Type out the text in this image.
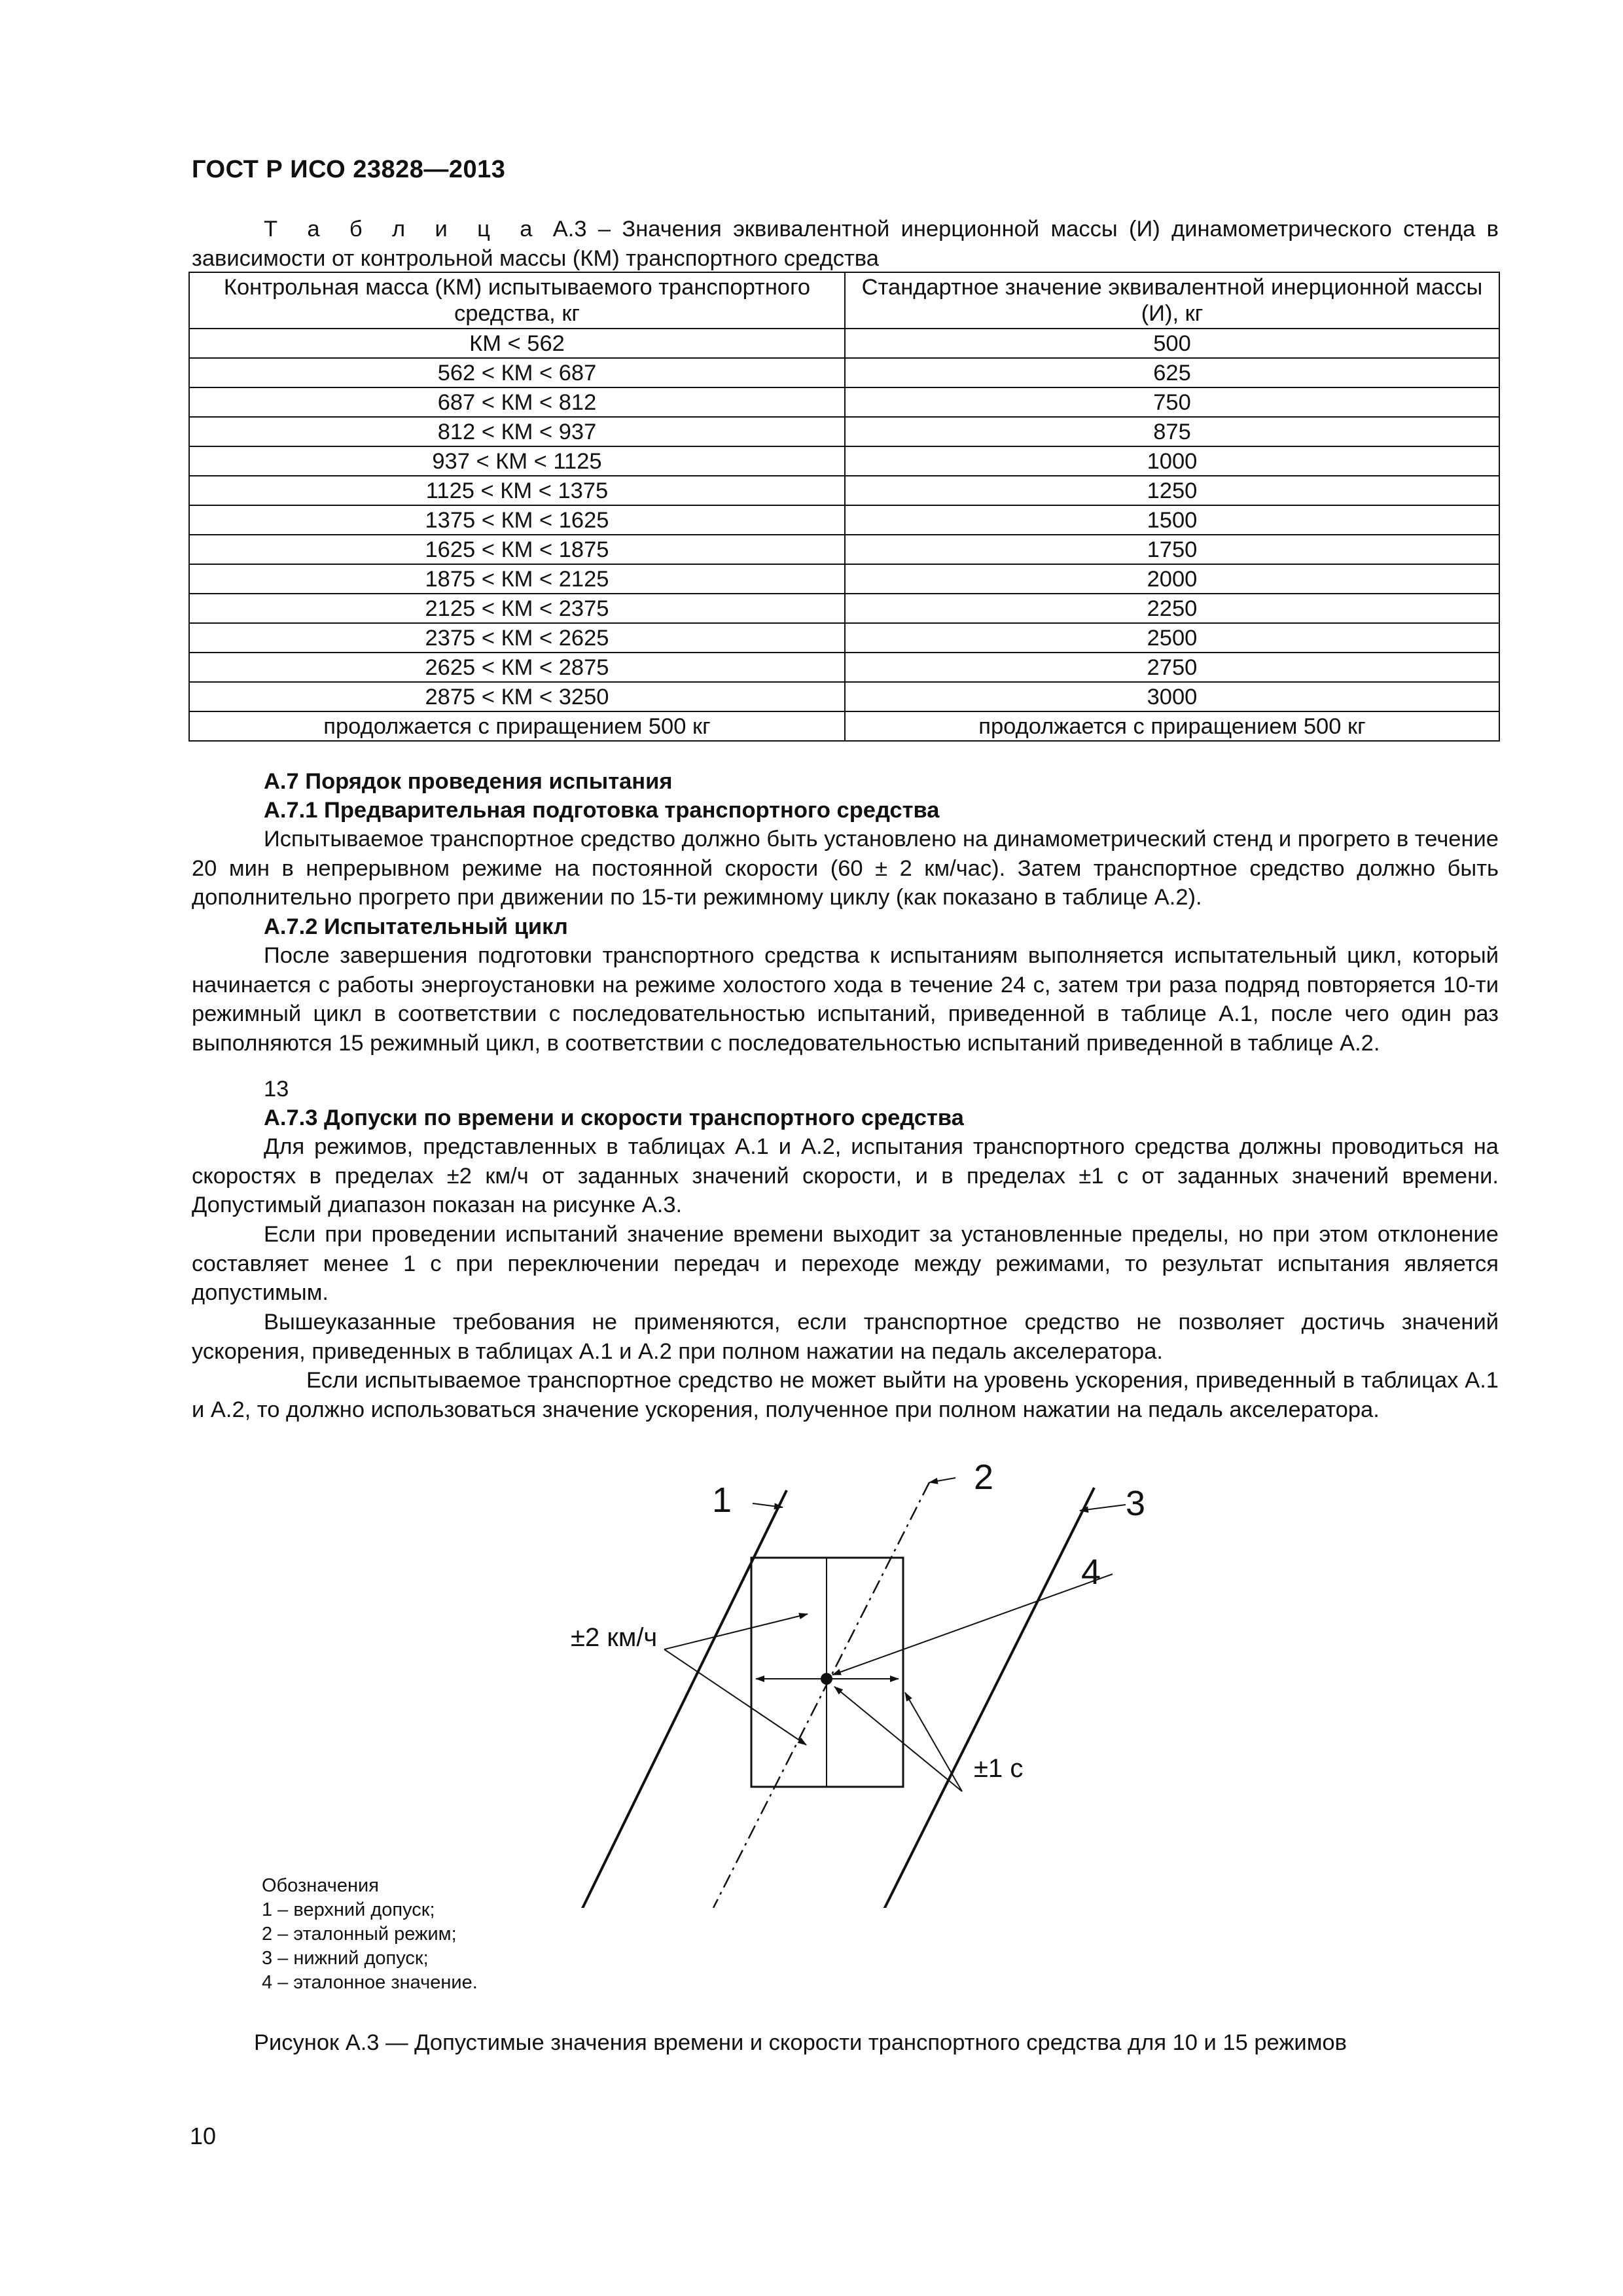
ГОСТ Р ИСО 23828—2013

Т а б л и ц а А.3 – Значения эквивалентной инерционной массы (И) динамометрического стенда в зависимости от контрольной массы (КМ) транспортного средства

Контрольная масса (КМ) испытываемого транспортного средства, кг	Стандартное значение эквивалентной инерционной массы (И), кг
КМ < 562	500
562 < КМ < 687	625
687 < КМ < 812	750
812 < КМ < 937	875
937 < КМ < 1125	1000
1125 < КМ < 1375	1250
1375 < КМ < 1625	1500
1625 < КМ < 1875	1750
1875 < КМ < 2125	2000
2125 < КМ < 2375	2250
2375 < КМ < 2625	2500
2625 < КМ < 2875	2750
2875 < КМ < 3250	3000
продолжается с приращением 500 кг	продолжается с приращением 500 кг

А.7 Порядок проведения испытания

А.7.1 Предварительная подготовка транспортного средства

Испытываемое транспортное средство должно быть установлено на динамометрический стенд и прогрето в течение 20 мин в непрерывном режиме на постоянной скорости (60 ± 2 км/час). Затем транспортное средство должно быть дополнительно прогрето при движении по 15-ти режимному циклу (как показано в таблице А.2).

А.7.2 Испытательный цикл

После завершения подготовки транспортного средства к испытаниям выполняется испытательный цикл, который начинается с работы энергоустановки на режиме холостого хода в течение 24 с, затем три раза подряд повторяется 10-ти режимный цикл в соответствии с последовательностью испытаний, приведенной в таблице А.1, после чего один раз выполняются 15 режимный цикл, в соответствии с последовательностью испытаний приведенной в таблице А.2.

13

А.7.3 Допуски по времени и скорости транспортного средства

Для режимов, представленных в таблицах А.1 и А.2, испытания транспортного средства должны проводиться на скоростях в пределах ±2 км/ч от заданных значений скорости, и в пределах ±1 с от заданных значений времени. Допустимый диапазон показан на рисунке А.3.

Если при проведении испытаний значение времени выходит за установленные пределы, но при этом отклонение составляет менее 1 с при переключении передач и переходе между режимами, то результат испытания является допустимым.

Вышеуказанные требования не применяются, если транспортное средство не позволяет достичь значений ускорения, приведенных в таблицах А.1 и А.2 при полном нажатии на педаль акселератора.

Если испытываемое транспортное средство не может выйти на уровень ускорения, приведенный в таблицах А.1 и А.2, то должно использоваться значение ускорения, полученное при полном нажатии на педаль акселератора.

1
2
3
4
±2 км/ч
±1 с
Обозначения
1 – верхний допуск;
2 – эталонный режим;
3 – нижний допуск;
4 – эталонное значение.
Рисунок А.3 — Допустимые значения времени и скорости транспортного средства для 10 и 15 режимов
10
